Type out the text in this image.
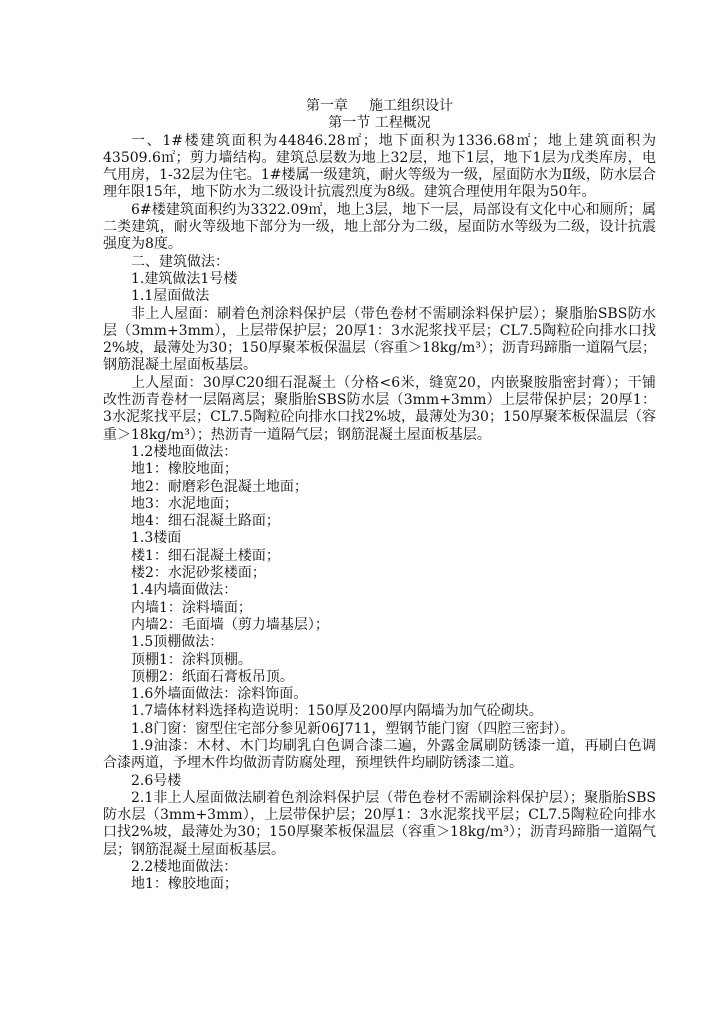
第一章 施工组织设计
第一节 工程概况

一、1#楼建筑面积为44846.28㎡；地下面积为1336.68㎡；地上建筑面积为43509.6㎡；剪力墙结构。建筑总层数为地上32层，地下1层，地下1层为戊类库房，电气用房，1-32层为住宅。1#楼属一级建筑，耐火等级为一级，屋面防水为Ⅱ级，防水层合理年限15年，地下防水为二级设计抗震烈度为8级。建筑合理使用年限为50年。

6#楼建筑面积约为3322.09㎡，地上3层，地下一层，局部设有文化中心和厕所；属二类建筑，耐火等级地下部分为一级，地上部分为二级，屋面防水等级为二级，设计抗震强度为8度。

二、建筑做法：

1.建筑做法1号楼

1.1屋面做法

非上人屋面：刷着色剂涂料保护层（带色卷材不需刷涂料保护层）；聚脂胎SBS防水层（3mm+3mm），上层带保护层；20厚1：3水泥浆找平层；CL7.5陶粒砼向排水口找2%坡，最薄处为30；150厚聚苯板保温层（容重＞18kg/m³）；沥青玛蹄脂一道隔气层；钢筋混凝土屋面板基层。

上人屋面：30厚C20细石混凝土（分格<6米，缝宽20，内嵌聚胺脂密封膏）；干铺改性沥青卷材一层隔离层；聚脂胎SBS防水层（3mm+3mm）上层带保护层；20厚1：3水泥浆找平层；CL7.5陶粒砼向排水口找2%坡，最薄处为30；150厚聚苯板保温层（容重＞18kg/m³）；热沥青一道隔气层；钢筋混凝土屋面板基层。

1.2楼地面做法：

地1：橡胶地面；

地2：耐磨彩色混凝土地面；

地3：水泥地面；

地4：细石混凝土路面；

1.3楼面

楼1：细石混凝土楼面；

楼2：水泥砂浆楼面；

1.4内墙面做法：

内墙1：涂料墙面；

内墙2：毛面墙（剪力墙基层）；

1.5顶棚做法：

顶棚1：涂料顶棚。

顶棚2：纸面石膏板吊顶。

1.6外墙面做法：涂料饰面。

1.7墙体材料选择构造说明：150厚及200厚内隔墙为加气砼砌块。

1.8门窗：窗型住宅部分参见新06J711，塑钢节能门窗（四腔三密封）。

1.9油漆：木材、木门均刷乳白色调合漆二遍，外露金属刷防锈漆一道，再刷白色调合漆两道，予埋木件均做沥青防腐处理，预埋铁件均刷防锈漆二道。

2.6号楼

2.1非上人屋面做法刷着色剂涂料保护层（带色卷材不需刷涂料保护层）；聚脂胎SBS防水层（3mm+3mm），上层带保护层；20厚1：3水泥浆找平层；CL7.5陶粒砼向排水口找2%坡，最薄处为30；150厚聚苯板保温层（容重＞18kg/m³）；沥青玛蹄脂一道隔气层；钢筋混凝土屋面板基层。

2.2楼地面做法：

地1：橡胶地面；
